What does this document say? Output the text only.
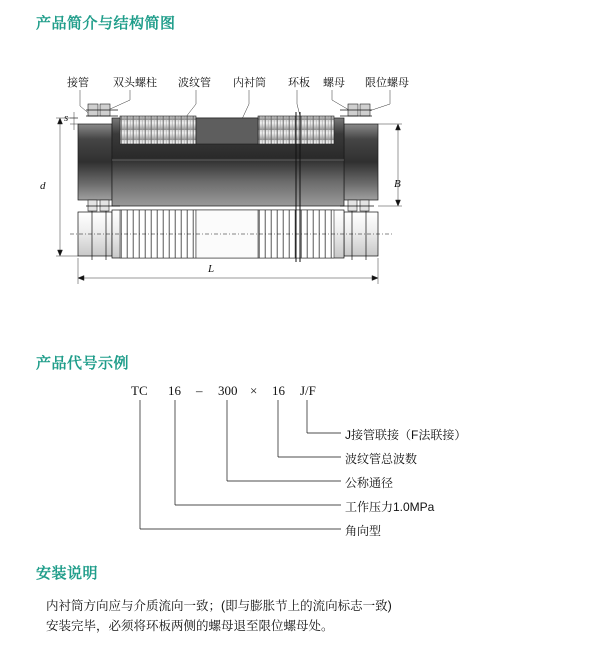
产品简介与结构简图
产品代号示例
安装说明
接管 双头螺柱 波纹管 内衬筒 环板 螺母 限位螺母
s
d	B
L
TC 16 – 300 × 16 J/F
J接管联接（F法联接）
波纹管总波数
公称通径
工作压力1.0MPa
角向型
内衬筒方向应与介质流向一致；(即与膨胀节上的流向标志一致)
安装完毕，必须将环板两侧的螺母退至限位螺母处。
